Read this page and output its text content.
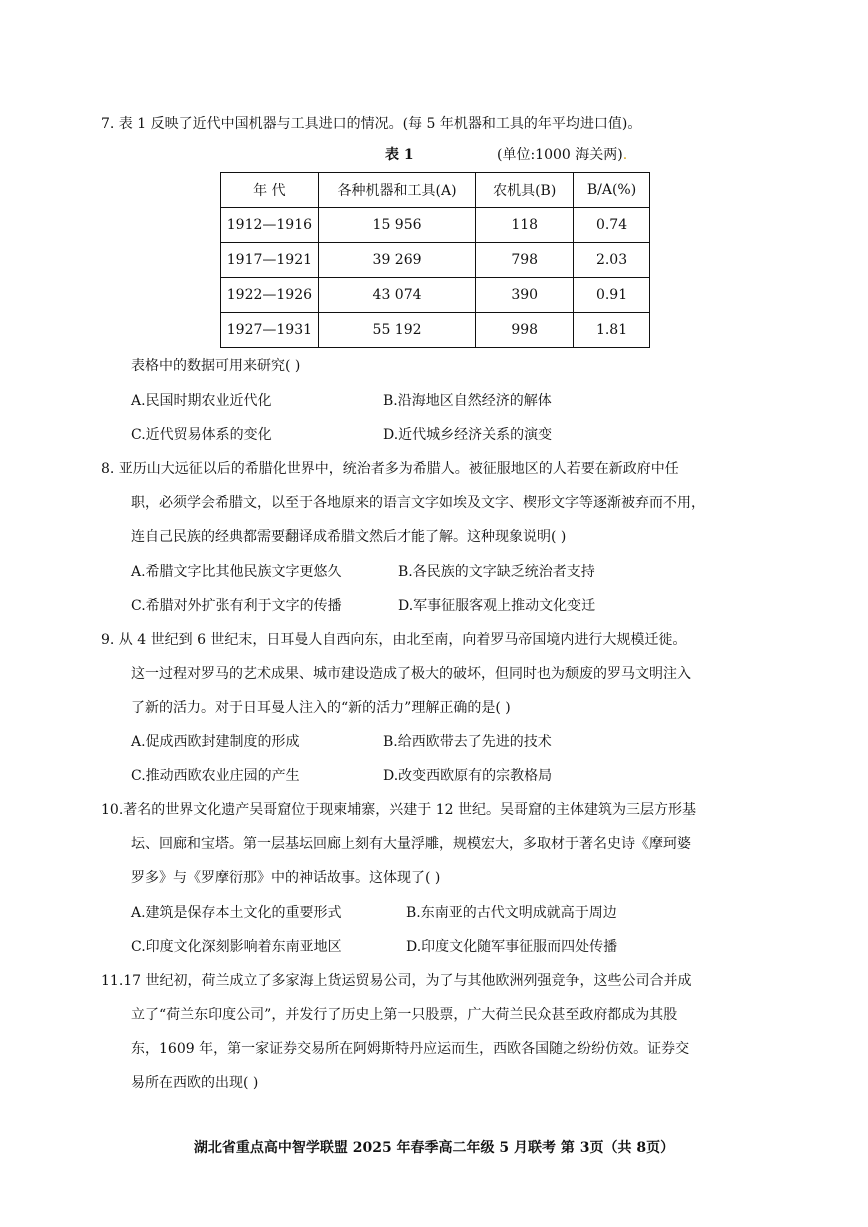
7. 表 1 反映了近代中国机器与工具进口的情况。(每 5 年机器和工具的年平均进口值)。
表 1	(单位:1000 海关两).
年 代	各种机器和工具(A)	农机具(B)	B/A(%)
1912—1916	15 956	118	0.74
1917—1921	39 269	798	2.03
1922—1926	43 074	390	0.91
1927—1931	55 192	998	1.81
表格中的数据可用来研究( )
A.民国时期农业近代化	B.沿海地区自然经济的解体
C.近代贸易体系的变化	D.近代城乡经济关系的演变
8. 亚历山大远征以后的希腊化世界中，统治者多为希腊人。被征服地区的人若要在新政府中任
职，必须学会希腊文，以至于各地原来的语言文字如埃及文字、楔形文字等逐渐被弃而不用，
连自己民族的经典都需要翻译成希腊文然后才能了解。这种现象说明( )
A.希腊文字比其他民族文字更悠久	B.各民族的文字缺乏统治者支持
C.希腊对外扩张有利于文字的传播	D.军事征服客观上推动文化变迁
9. 从 4 世纪到 6 世纪末，日耳曼人自西向东，由北至南，向着罗马帝国境内进行大规模迁徙。
这一过程对罗马的艺术成果、城市建设造成了极大的破坏，但同时也为颓废的罗马文明注入
了新的活力。对于日耳曼人注入的“新的活力”理解正确的是( )
A.促成西欧封建制度的形成	B.给西欧带去了先进的技术
C.推动西欧农业庄园的产生	D.改变西欧原有的宗教格局
10.著名的世界文化遗产吴哥窟位于现柬埔寨，兴建于 12 世纪。吴哥窟的主体建筑为三层方形基
坛、回廊和宝塔。第一层基坛回廊上刻有大量浮雕，规模宏大，多取材于著名史诗《摩珂婆
罗多》与《罗摩衍那》中的神话故事。这体现了( )
A.建筑是保存本土文化的重要形式	B.东南亚的古代文明成就高于周边
C.印度文化深刻影响着东南亚地区	D.印度文化随军事征服而四处传播
11.17 世纪初，荷兰成立了多家海上货运贸易公司，为了与其他欧洲列强竞争，这些公司合并成
立了“荷兰东印度公司”，并发行了历史上第一只股票，广大荷兰民众甚至政府都成为其股
东，1609 年，第一家证券交易所在阿姆斯特丹应运而生，西欧各国随之纷纷仿效。证券交
易所在西欧的出现( )
湖北省重点高中智学联盟 2025 年春季高二年级 5 月联考 第 3页（共 8页）
